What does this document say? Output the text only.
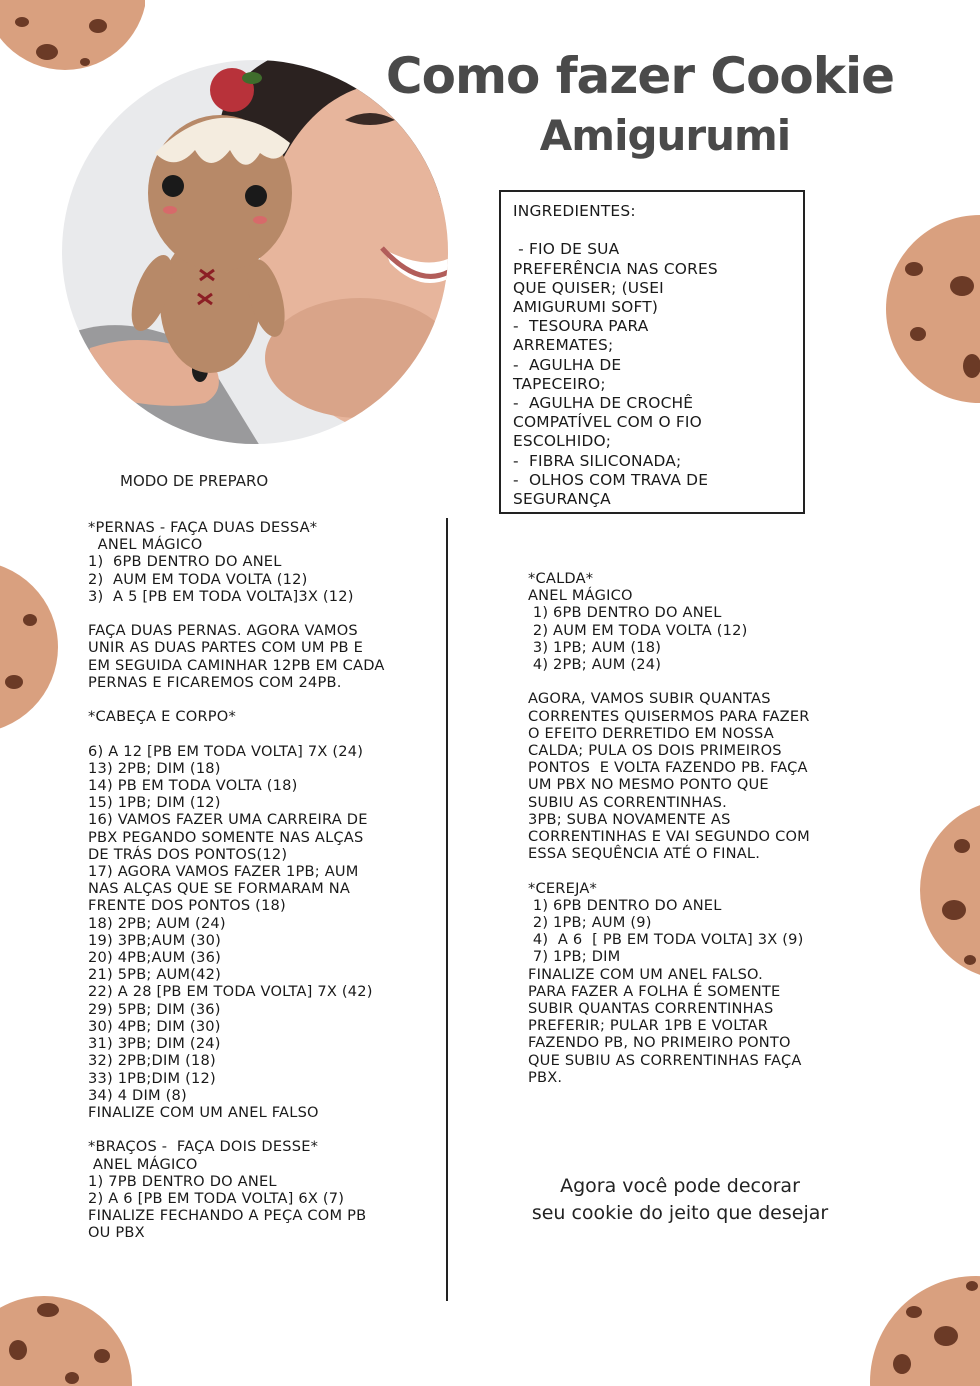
Como fazer Cookie
Amigurumi
INGREDIENTES:

- FIO DE SUA
PREFERÊNCIA NAS CORES
QUE QUISER; (USEI
AMIGURUMI SOFT)
-  TESOURA PARA
ARREMATES;
-  AGULHA DE
TAPECEIRO;
-  AGULHA DE CROCHÊ
COMPATÍVEL COM O FIO
ESCOLHIDO;
-  FIBRA SILICONADA;
-  OLHOS COM TRAVA DE
SEGURANÇA
MODO DE PREPARO
*PERNAS - FAÇA DUAS DESSA*
ANEL MÁGICO
1)  6PB DENTRO DO ANEL
2)  AUM EM TODA VOLTA (12)
3)  A 5 [PB EM TODA VOLTA]3X (12)

FAÇA DUAS PERNAS. AGORA VAMOS
UNIR AS DUAS PARTES COM UM PB E
EM SEGUIDA CAMINHAR 12PB EM CADA
PERNAS E FICAREMOS COM 24PB.

*CABEÇA E CORPO*

6) A 12 [PB EM TODA VOLTA] 7X (24)
13) 2PB; DIM (18)
14) PB EM TODA VOLTA (18)
15) 1PB; DIM (12)
16) VAMOS FAZER UMA CARREIRA DE
PBX PEGANDO SOMENTE NAS ALÇAS
DE TRÁS DOS PONTOS(12)
17) AGORA VAMOS FAZER 1PB; AUM
NAS ALÇAS QUE SE FORMARAM NA
FRENTE DOS PONTOS (18)
18) 2PB; AUM (24)
19) 3PB;AUM (30)
20) 4PB;AUM (36)
21) 5PB; AUM(42)
22) A 28 [PB EM TODA VOLTA] 7X (42)
29) 5PB; DIM (36)
30) 4PB; DIM (30)
31) 3PB; DIM (24)
32) 2PB;DIM (18)
33) 1PB;DIM (12)
34) 4 DIM (8)
FINALIZE COM UM ANEL FALSO

*BRAÇOS -  FAÇA DOIS DESSE*
ANEL MÁGICO
1) 7PB DENTRO DO ANEL
2) A 6 [PB EM TODA VOLTA] 6X (7)
FINALIZE FECHANDO A PEÇA COM PB
OU PBX
*CALDA*
ANEL MÁGICO
1) 6PB DENTRO DO ANEL
2) AUM EM TODA VOLTA (12)
3) 1PB; AUM (18)
4) 2PB; AUM (24)

AGORA, VAMOS SUBIR QUANTAS
CORRENTES QUISERMOS PARA FAZER
O EFEITO DERRETIDO EM NOSSA
CALDA; PULA OS DOIS PRIMEIROS
PONTOS  E VOLTA FAZENDO PB. FAÇA
UM PBX NO MESMO PONTO QUE
SUBIU AS CORRENTINHAS.
3PB; SUBA NOVAMENTE AS
CORRENTINHAS E VAI SEGUNDO COM
ESSA SEQUÊNCIA ATÉ O FINAL.

*CEREJA*
1) 6PB DENTRO DO ANEL
2) 1PB; AUM (9)
4)  A 6  [ PB EM TODA VOLTA] 3X (9)
7) 1PB; DIM
FINALIZE COM UM ANEL FALSO.
PARA FAZER A FOLHA É SOMENTE
SUBIR QUANTAS CORRENTINHAS
PREFERIR; PULAR 1PB E VOLTAR
FAZENDO PB, NO PRIMEIRO PONTO
QUE SUBIU AS CORRENTINHAS FAÇA
PBX.
Agora você pode decorar
seu cookie do jeito que desejar
